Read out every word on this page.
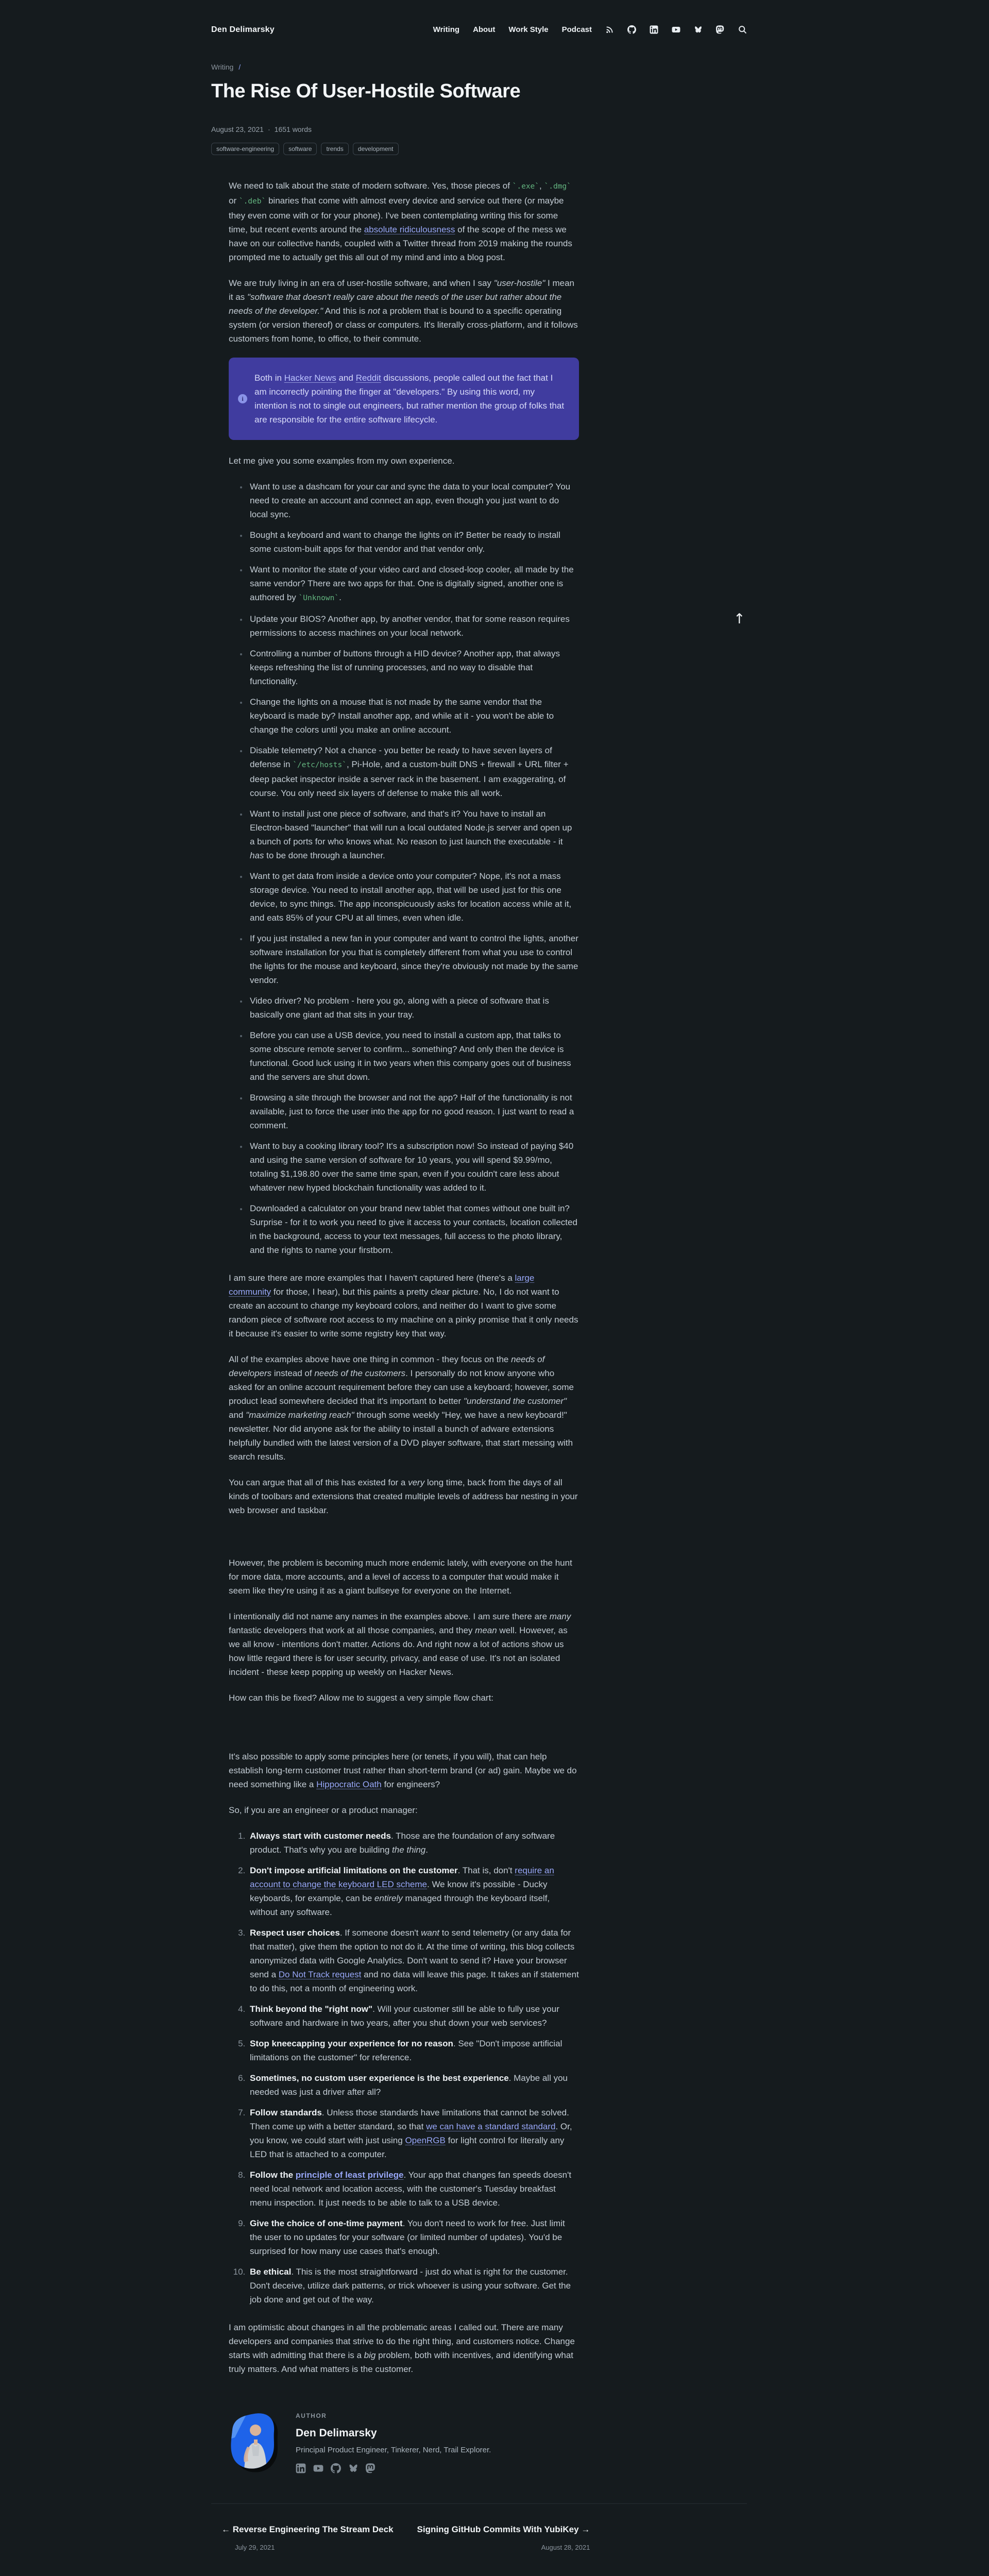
Den Delimarsky	Writing About Work Style Podcast
Writing /
The Rise Of User-Hostile Software
August 23, 2021 · 1651 words
software-engineering	software	trends	development

We need to talk about the state of modern software. Yes, those pieces of `.exe`, `.dmg` or `.deb` binaries that come with almost every device and service out there (or maybe they even come with or for your phone). I've been contemplating writing this for some time, but recent events around the absolute ridiculousness of the scope of the mess we have on our collective hands, coupled with a Twitter thread from 2019 making the rounds prompted me to actually get this all out of my mind and into a blog post.

We are truly living in an era of user-hostile software, and when I say "user-hostile" I mean it as "software that doesn't really care about the needs of the user but rather about the needs of the developer." And this is not a problem that is bound to a specific operating system (or version thereof) or class or computers. It's literally cross-platform, and it follows customers from home, to office, to their commute.

i

Both in Hacker News and Reddit discussions, people called out the fact that I am incorrectly pointing the finger at "developers." By using this word, my intention is not to single out engineers, but rather mention the group of folks that are responsible for the entire software lifecycle.

Let me give you some examples from my own experience.

• Want to use a dashcam for your car and sync the data to your local computer? You need to create an account and connect an app, even though you just want to do local sync.
• Bought a keyboard and want to change the lights on it? Better be ready to install some custom-built apps for that vendor and that vendor only.
• Want to monitor the state of your video card and closed-loop cooler, all made by the same vendor? There are two apps for that. One is digitally signed, another one is authored by `Unknown`.
• Update your BIOS? Another app, by another vendor, that for some reason requires permissions to access machines on your local network.
• Controlling a number of buttons through a HID device? Another app, that always keeps refreshing the list of running processes, and no way to disable that functionality.
• Change the lights on a mouse that is not made by the same vendor that the keyboard is made by? Install another app, and while at it - you won't be able to change the colors until you make an online account.
• Disable telemetry? Not a chance - you better be ready to have seven layers of defense in `/etc/hosts`, Pi-Hole, and a custom-built DNS + firewall + URL filter + deep packet inspector inside a server rack in the basement. I am exaggerating, of course. You only need six layers of defense to make this all work.
• Want to install just one piece of software, and that's it? You have to install an Electron-based "launcher" that will run a local outdated Node.js server and open up a bunch of ports for who knows what. No reason to just launch the executable - it has to be done through a launcher.
• Want to get data from inside a device onto your computer? Nope, it's not a mass storage device. You need to install another app, that will be used just for this one device, to sync things. The app inconspicuously asks for location access while at it, and eats 85% of your CPU at all times, even when idle.
• If you just installed a new fan in your computer and want to control the lights, another software installation for you that is completely different from what you use to control the lights for the mouse and keyboard, since they're obviously not made by the same vendor.
• Video driver? No problem - here you go, along with a piece of software that is basically one giant ad that sits in your tray.
• Before you can use a USB device, you need to install a custom app, that talks to some obscure remote server to confirm... something? And only then the device is functional. Good luck using it in two years when this company goes out of business and the servers are shut down.
• Browsing a site through the browser and not the app? Half of the functionality is not available, just to force the user into the app for no good reason. I just want to read a comment.
• Want to buy a cooking library tool? It's a subscription now! So instead of paying $40 and using the same version of software for 10 years, you will spend $9.99/mo, totaling $1,198.80 over the same time span, even if you couldn't care less about whatever new hyped blockchain functionality was added to it.
• Downloaded a calculator on your brand new tablet that comes without one built in? Surprise - for it to work you need to give it access to your contacts, location collected in the background, access to your text messages, full access to the photo library, and the rights to name your firstborn.

I am sure there are more examples that I haven't captured here (there's a large community for those, I hear), but this paints a pretty clear picture. No, I do not want to create an account to change my keyboard colors, and neither do I want to give some random piece of software root access to my machine on a pinky promise that it only needs it because it's easier to write some registry key that way.

All of the examples above have one thing in common - they focus on the needs of developers instead of needs of the customers. I personally do not know anyone who asked for an online account requirement before they can use a keyboard; however, some product lead somewhere decided that it's important to better "understand the customer" and "maximize marketing reach" through some weekly "Hey, we have a new keyboard!" newsletter. Nor did anyone ask for the ability to install a bunch of adware extensions helpfully bundled with the latest version of a DVD player software, that start messing with search results.

You can argue that all of this has existed for a very long time, back from the days of all kinds of toolbars and extensions that created multiple levels of address bar nesting in your web browser and taskbar.

However, the problem is becoming much more endemic lately, with everyone on the hunt for more data, more accounts, and a level of access to a computer that would make it seem like they're using it as a giant bullseye for everyone on the Internet.

I intentionally did not name any names in the examples above. I am sure there are many fantastic developers that work at all those companies, and they mean well. However, as we all know - intentions don't matter. Actions do. And right now a lot of actions show us how little regard there is for user security, privacy, and ease of use. It's not an isolated incident - these keep popping up weekly on Hacker News.

How can this be fixed? Allow me to suggest a very simple flow chart:

It's also possible to apply some principles here (or tenets, if you will), that can help establish long-term customer trust rather than short-term brand (or ad) gain. Maybe we do need something like a Hippocratic Oath for engineers?

So, if you are an engineer or a product manager:

1. Always start with customer needs. Those are the foundation of any software product. That's why you are building the thing.
2. Don't impose artificial limitations on the customer. That is, don't require an account to change the keyboard LED scheme. We know it's possible - Ducky keyboards, for example, can be entirely managed through the keyboard itself, without any software.
3. Respect user choices. If someone doesn't want to send telemetry (or any data for that matter), give them the option to not do it. At the time of writing, this blog collects anonymized data with Google Analytics. Don't want to send it? Have your browser send a Do Not Track request and no data will leave this page. It takes an if statement to do this, not a month of engineering work.
4. Think beyond the "right now". Will your customer still be able to fully use your software and hardware in two years, after you shut down your web services?
5. Stop kneecapping your experience for no reason. See "Don't impose artificial limitations on the customer" for reference.
6. Sometimes, no custom user experience is the best experience. Maybe all you needed was just a driver after all?
7. Follow standards. Unless those standards have limitations that cannot be solved. Then come up with a better standard, so that we can have a standard standard. Or, you know, we could start with just using OpenRGB for light control for literally any LED that is attached to a computer.
8. Follow the principle of least privilege. Your app that changes fan speeds doesn't need local network and location access, with the customer's Tuesday breakfast menu inspection. It just needs to be able to talk to a USB device.
9. Give the choice of one-time payment. You don't need to work for free. Just limit the user to no updates for your software (or limited number of updates). You'd be surprised for how many use cases that's enough.
10. Be ethical. This is the most straightforward - just do what is right for the customer. Don't deceive, utilize dark patterns, or trick whoever is using your software. Get the job done and get out of the way.

I am optimistic about changes in all the problematic areas I called out. There are many developers and companies that strive to do the right thing, and customers notice. Change starts with admitting that there is a big problem, both with incentives, and identifying what truly matters. And what matters is the customer.

AUTHOR
Den Delimarsky
Principal Product Engineer, Tinkerer, Nerd, Trail Explorer.
← Reverse Engineering The Stream Deck
July 29, 2021
Signing GitHub Commits With YubiKey →
August 28, 2021
↑
